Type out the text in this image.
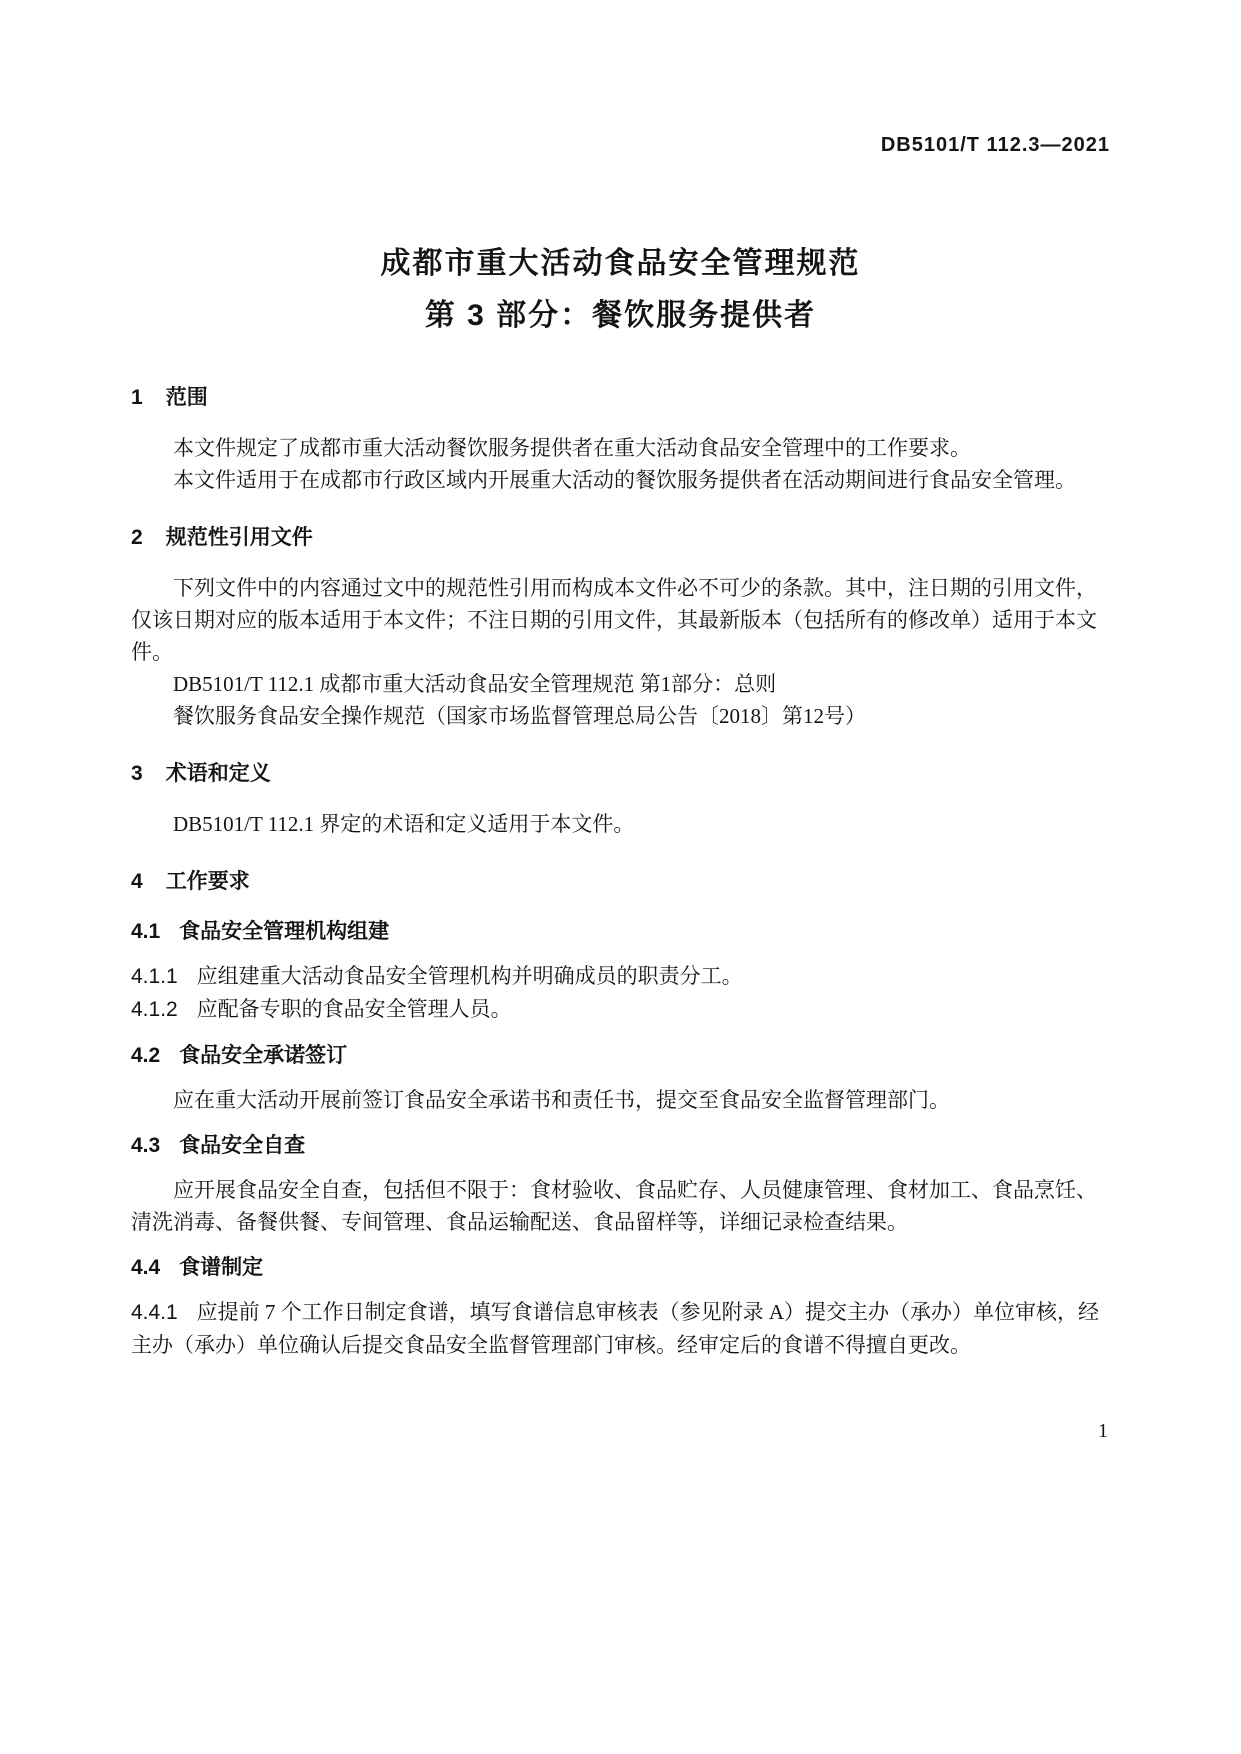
DB5101/T 112.3—2021
成都市重大活动食品安全管理规范
第 3 部分：餐饮服务提供者
1 范围

本文件规定了成都市重大活动餐饮服务提供者在重大活动食品安全管理中的工作要求。

本文件适用于在成都市行政区域内开展重大活动的餐饮服务提供者在活动期间进行食品安全管理。

2 规范性引用文件

下列文件中的内容通过文中的规范性引用而构成本文件必不可少的条款。其中，注日期的引用文件，仅该日期对应的版本适用于本文件；不注日期的引用文件，其最新版本（包括所有的修改单）适用于本文件。

DB5101/T 112.1 成都市重大活动食品安全管理规范 第1部分：总则

餐饮服务食品安全操作规范（国家市场监督管理总局公告〔2018〕第12号）

3 术语和定义

DB5101/T 112.1 界定的术语和定义适用于本文件。

4 工作要求
4.1 食品安全管理机构组建

4.1.1 应组建重大活动食品安全管理机构并明确成员的职责分工。

4.1.2 应配备专职的食品安全管理人员。

4.2 食品安全承诺签订

应在重大活动开展前签订食品安全承诺书和责任书，提交至食品安全监督管理部门。

4.3 食品安全自查

应开展食品安全自查，包括但不限于：食材验收、食品贮存、人员健康管理、食材加工、食品烹饪、清洗消毒、备餐供餐、专间管理、食品运输配送、食品留样等，详细记录检查结果。

4.4 食谱制定

4.4.1 应提前 7 个工作日制定食谱，填写食谱信息审核表（参见附录 A）提交主办（承办）单位审核，经主办（承办）单位确认后提交食品安全监督管理部门审核。经审定后的食谱不得擅自更改。

1
